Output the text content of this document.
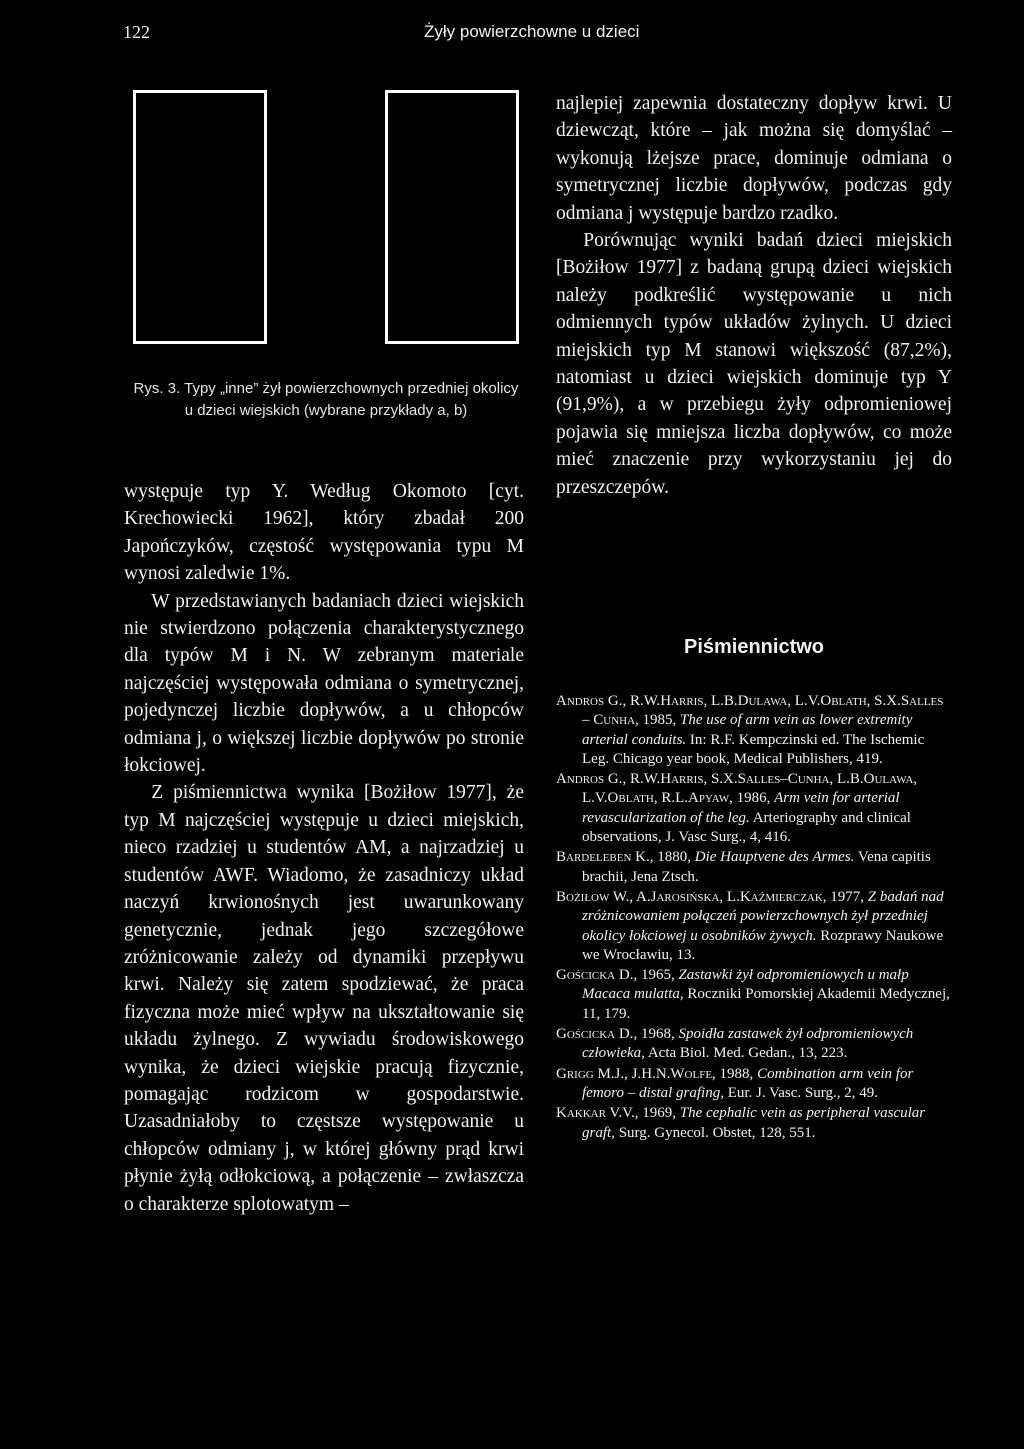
122	Żyły powierzchowne u dzieci
Rys. 3. Typy „inne” żył powierzchownych przedniej okolicy u dzieci wiejskich (wybrane przykłady a, b)

występuje typ Y. Według Okomoto [cyt. Krechowiecki 1962], który zbadał 200 Japończyków, częstość występowania typu M wynosi zaledwie 1%.

W przedstawianych badaniach dzieci wiejskich nie stwierdzono połączenia charakterystycznego dla typów M i N. W zebranym materiale najczęściej występowała odmiana o symetrycznej, pojedynczej liczbie dopływów, a u chłopców odmiana j, o większej liczbie dopływów po stronie łokciowej.

Z piśmiennictwa wynika [Bożiłow 1977], że typ M najczęściej występuje u dzieci miejskich, nieco rzadziej u studentów AM, a najrzadziej u studentów AWF. Wiadomo, że zasadniczy układ naczyń krwionośnych jest uwarunkowany genetycznie, jednak jego szczegółowe zróżnicowanie zależy od dynamiki przepływu krwi. Należy się zatem spodziewać, że praca fizyczna może mieć wpływ na ukształtowanie się układu żylnego. Z wywiadu środowiskowego wynika, że dzieci wiejskie pracują fizycznie, pomagając rodzicom w gospodarstwie. Uzasadniałoby to częstsze występowanie u chłopców odmiany j, w której główny prąd krwi płynie żyłą odłokciową, a połączenie – zwłaszcza o charakterze splotowatym –

najlepiej zapewnia dostateczny dopływ krwi. U dziewcząt, które – jak można się domyślać – wykonują lżejsze prace, dominuje odmiana o symetrycznej liczbie dopływów, podczas gdy odmiana j występuje bardzo rzadko.

Porównując wyniki badań dzieci miejskich [Bożiłow 1977] z badaną grupą dzieci wiejskich należy podkreślić występowanie u nich odmiennych typów układów żylnych. U dzieci miejskich typ M stanowi większość (87,2%), natomiast u dzieci wiejskich dominuje typ Y (91,9%), a w przebiegu żyły odpromieniowej pojawia się mniejsza liczba dopływów, co może mieć znaczenie przy wykorzystaniu jej do przeszczepów.

Piśmiennictwo
Andros G., R.W.Harris, L.B.Dulawa, L.V.Oblath, S.X.Salles – Cunha, 1985, The use of arm vein as lower extremity arterial conduits. In: R.F. Kempczinski ed. The Ischemic Leg. Chicago year book, Medical Publishers, 419.
Andros G., R.W.Harris, S.X.Salles–Cunha, L.B.Oulawa, L.V.Oblath, R.L.Apyaw, 1986, Arm vein for arterial revascularization of the leg. Arteriography and clinical observations, J. Vasc Surg., 4, 416.
Bardeleben K., 1880, Die Hauptvene des Armes. Vena capitis brachii, Jena Ztsch.
Bożiłow W., A.Jarosińska, L.Kaźmierczak, 1977, Z badań nad zróżnicowaniem połączeń powierzchownych żył przedniej okolicy łokciowej u osobników żywych. Rozprawy Naukowe we Wrocławiu, 13.
Gościcka D., 1965, Zastawki żył odpromieniowych u małp Macaca mulatta, Roczniki Pomorskiej Akademii Medycznej, 11, 179.
Gościcka D., 1968, Spoidła zastawek żył odpromieniowych człowieka, Acta Biol. Med. Gedan., 13, 223.
Grigg M.J., J.H.N.Wolfe, 1988, Combination arm vein for femoro – distal grafing, Eur. J. Vasc. Surg., 2, 49.
Kakkar V.V., 1969, The cephalic vein as peripheral vascular graft, Surg. Gynecol. Obstet, 128, 551.
